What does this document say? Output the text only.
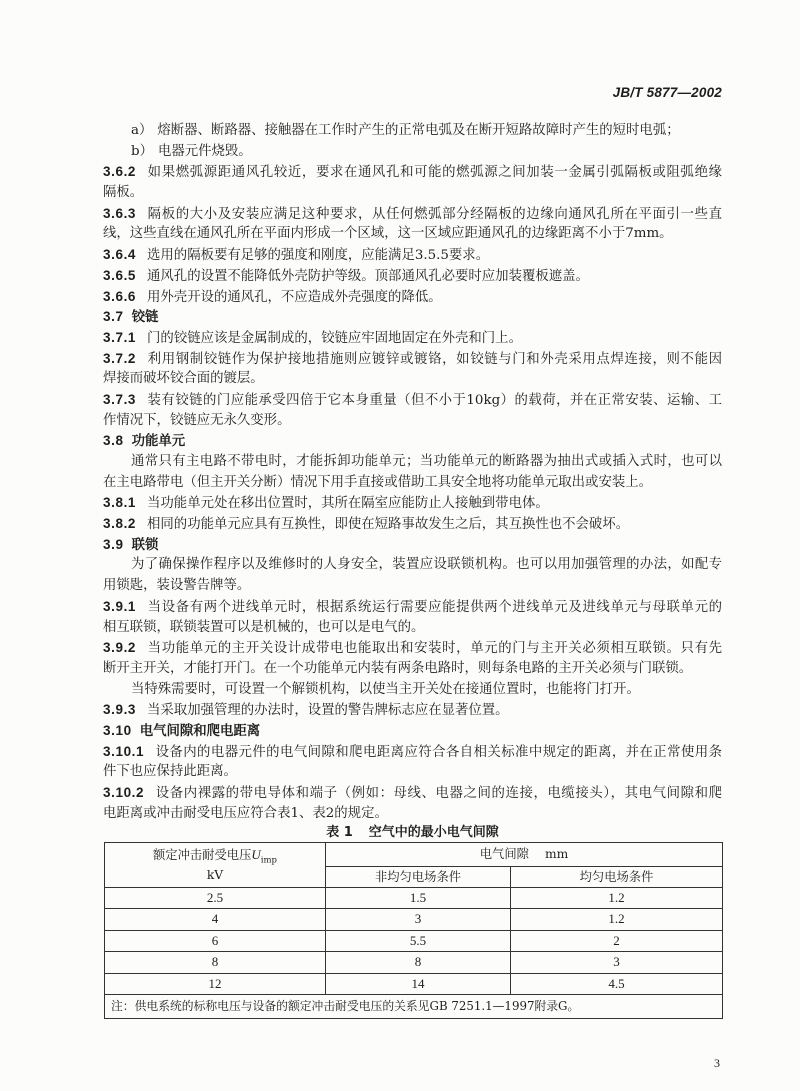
JB/T 5877—2002
a） 熔断器、断路器、接触器在工作时产生的正常电弧及在断开短路故障时产生的短时电弧；
b） 电器元件烧毁。
3.6.2 如果燃弧源距通风孔较近，要求在通风孔和可能的燃弧源之间加装一金属引弧隔板或阻弧绝缘
隔板。
3.6.3 隔板的大小及安装应满足这种要求，从任何燃弧部分经隔板的边缘向通风孔所在平面引一些直
线，这些直线在通风孔所在平面内形成一个区域，这一区域应距通风孔的边缘距离不小于7mm。
3.6.4 选用的隔板要有足够的强度和刚度，应能满足3.5.5要求。
3.6.5 通风孔的设置不能降低外壳防护等级。顶部通风孔必要时应加装覆板遮盖。
3.6.6 用外壳开设的通风孔，不应造成外壳强度的降低。
3.7 铰链
3.7.1 门的铰链应该是金属制成的，铰链应牢固地固定在外壳和门上。
3.7.2 利用钢制铰链作为保护接地措施则应镀锌或镀铬，如铰链与门和外壳采用点焊连接，则不能因
焊接而破坏铰合面的镀层。
3.7.3 装有铰链的门应能承受四倍于它本身重量（但不小于10kg）的载荷，并在正常安装、运输、工
作情况下，铰链应无永久变形。
3.8 功能单元
通常只有主电路不带电时，才能拆卸功能单元；当功能单元的断路器为抽出式或插入式时，也可以
在主电路带电（但主开关分断）情况下用手直接或借助工具安全地将功能单元取出或安装上。
3.8.1 当功能单元处在移出位置时，其所在隔室应能防止人接触到带电体。
3.8.2 相同的功能单元应具有互换性，即使在短路事故发生之后，其互换性也不会破坏。
3.9 联锁
为了确保操作程序以及维修时的人身安全，装置应设联锁机构。也可以用加强管理的办法，如配专
用锁匙，装设警告牌等。
3.9.1 当设备有两个进线单元时，根据系统运行需要应能提供两个进线单元及进线单元与母联单元的
相互联锁，联锁装置可以是机械的，也可以是电气的。
3.9.2 当功能单元的主开关设计成带电也能取出和安装时，单元的门与主开关必须相互联锁。只有先
断开主开关，才能打开门。在一个功能单元内装有两条电路时，则每条电路的主开关必须与门联锁。
当特殊需要时，可设置一个解锁机构，以使当主开关处在接通位置时，也能将门打开。
3.9.3 当采取加强管理的办法时，设置的警告牌标志应在显著位置。
3.10 电气间隙和爬电距离
3.10.1 设备内的电器元件的电气间隙和爬电距离应符合各自相关标准中规定的距离，并在正常使用条
件下也应保持此距离。
3.10.2 设备内裸露的带电导体和端子（例如：母线、电器之间的连接，电缆接头），其电气间隙和爬
电距离或冲击耐受电压应符合表1、表2的规定。
表 1 空气中的最小电气间隙
额定冲击耐受电压$U_{imp}$
kV	电气间隙 mm	
	非均匀电场条件	均匀电场条件
2.5	1.5	1.2
4	3	1.2
6	5.5	2
8	8	3
12	14	4.5
注：供电系统的标称电压与设备的额定冲击耐受电压的关系见GB 7251.1—1997附录G。		
3
